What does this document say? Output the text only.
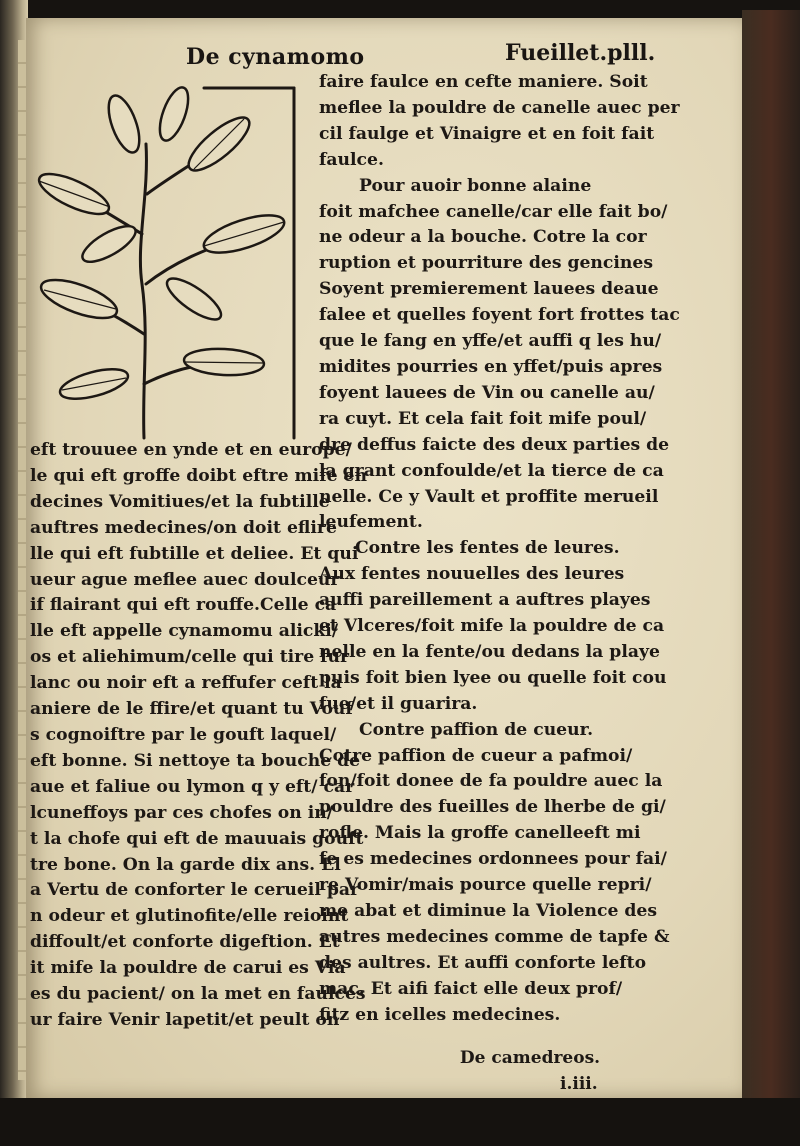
De cynamomo	Fueillet.plll.
eft trouuee en ynde et en europe/
le qui eft groffe doibt eftre mife en
decines Vomitiues/et la fubtille
auftres medecines/on doit eflire
lle qui eft fubtille et deliee. Et qui
ueur ague meflee auec doulceur
if flairant qui eft rouffe.Celle ca
lle eft appelle cynamomu alicki/
os et aliehimum/celle qui tire fur
lanc ou noir eft a reffufer ceft la
aniere de le ffire/et quant tu Vouf
s cognoiftre par le gouft laquel/
eft bonne. Si nettoye ta bouche de
aue et faliue ou lymon q y eft/ car
lcuneffoys par ces chofes on in/
t la chofe qui eft de mauuais gouft
tre bone. On la garde dix ans. El
a Vertu de conforter le cerueil par
n odeur et glutinofite/elle reioint
diffoult/et conforte digeftion. Et
it mife la pouldre de carui es Via
es du pacient/ on la met en faulces
ur faire Venir lapetit/et peult on
faire faulce en cefte maniere. Soit
meflee la pouldre de canelle auec per
cil faulge et Vinaigre et en foit fait
faulce.
Pour auoir bonne alaine
foit mafchee canelle/car elle fait bo/
ne odeur a la bouche. Cotre la cor
ruption et pourriture des gencines
Soyent premierement lauees deaue
falee et quelles foyent fort frottes tac
que le fang en yffe/et auffi q les hu/
midites pourries en yffet/puis apres
foyent lauees de Vin ou canelle au/
ra cuyt. Et cela fait foit mife poul/
dre deffus faicte des deux parties de
la grant confoulde/et la tierce de ca
nelle. Ce y Vault et proffite merueil
leufement.
Contre les fentes de leures.
Aux fentes nouuelles des leures
auffi pareillement a auftres playes
et Vlceres/foit mife la pouldre de ca
nelle en la fente/ou dedans la playe
puis foit bien lyee ou quelle foit cou
fue/et il guarira.
Contre paffion de cueur.
Cotre paffion de cueur a pafmoi/
fon/foit donee de fa pouldre auec la
pouldre des fueilles de lherbe de gi/
rofle. Mais la groffe canelleeft mi
fe es medecines ordonnees pour fai/
re Vomir/mais pource quelle repri/
me abat et diminue la Violence des
autres medecines comme de tapfe &
des aultres. Et auffi conforte lefto
mac. Et aifi faict elle deux prof/
fitz en icelles medecines.
De camedreos.
i.iii.
